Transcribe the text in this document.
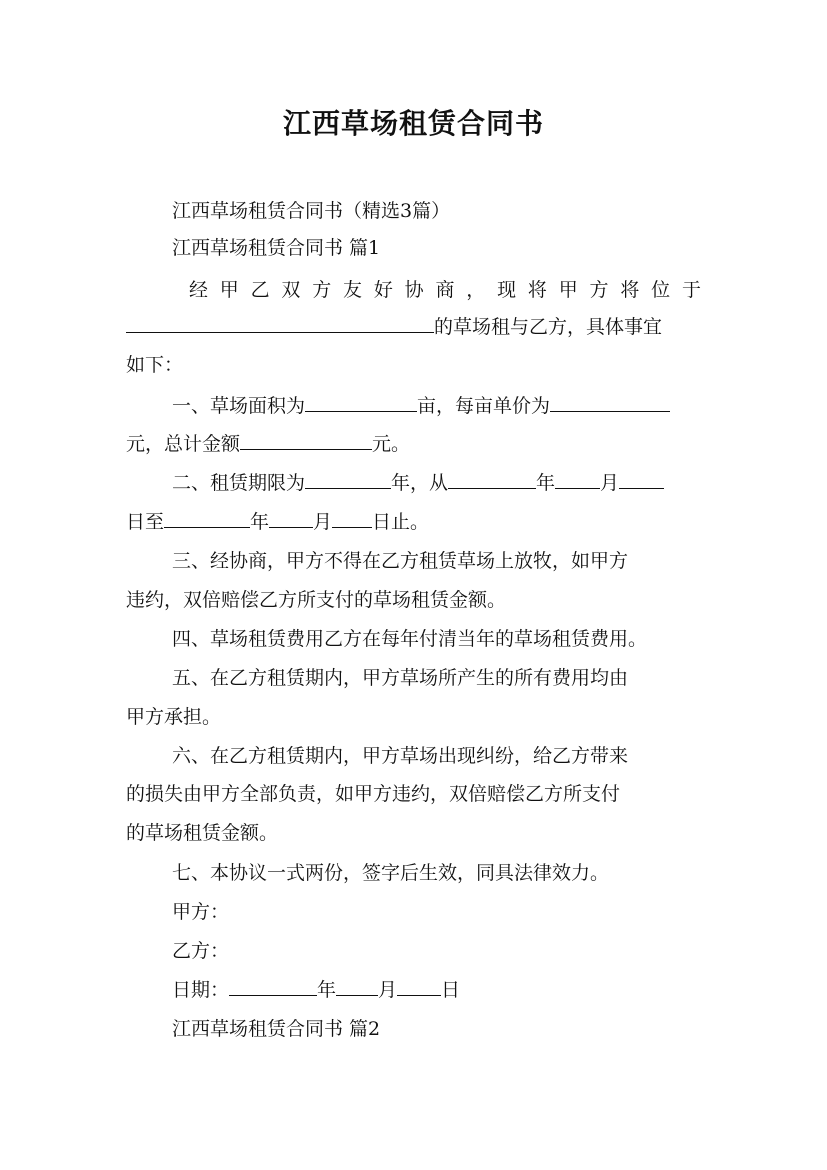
江西草场租赁合同书
江西草场租赁合同书（精选3篇）
江西草场租赁合同书 篇1
经甲乙双方友好协商，现将甲方将位于
的草场租与乙方，具体事宜
如下：
一、草场面积为	亩，每亩单价为
元，总计金额	元。
二、租赁期限为	年，从	年 月
日至	年 月 日止。
三、经协商，甲方不得在乙方租赁草场上放牧，如甲方
违约，双倍赔偿乙方所支付的草场租赁金额。
四、草场租赁费用乙方在每年付清当年的草场租赁费用。
五、在乙方租赁期内，甲方草场所产生的所有费用均由
甲方承担。
六、在乙方租赁期内，甲方草场出现纠纷，给乙方带来
的损失由甲方全部负责，如甲方违约，双倍赔偿乙方所支付
的草场租赁金额。
七、本协议一式两份，签字后生效，同具法律效力。
甲方：
乙方：
日期：	年 月 日
江西草场租赁合同书 篇2
